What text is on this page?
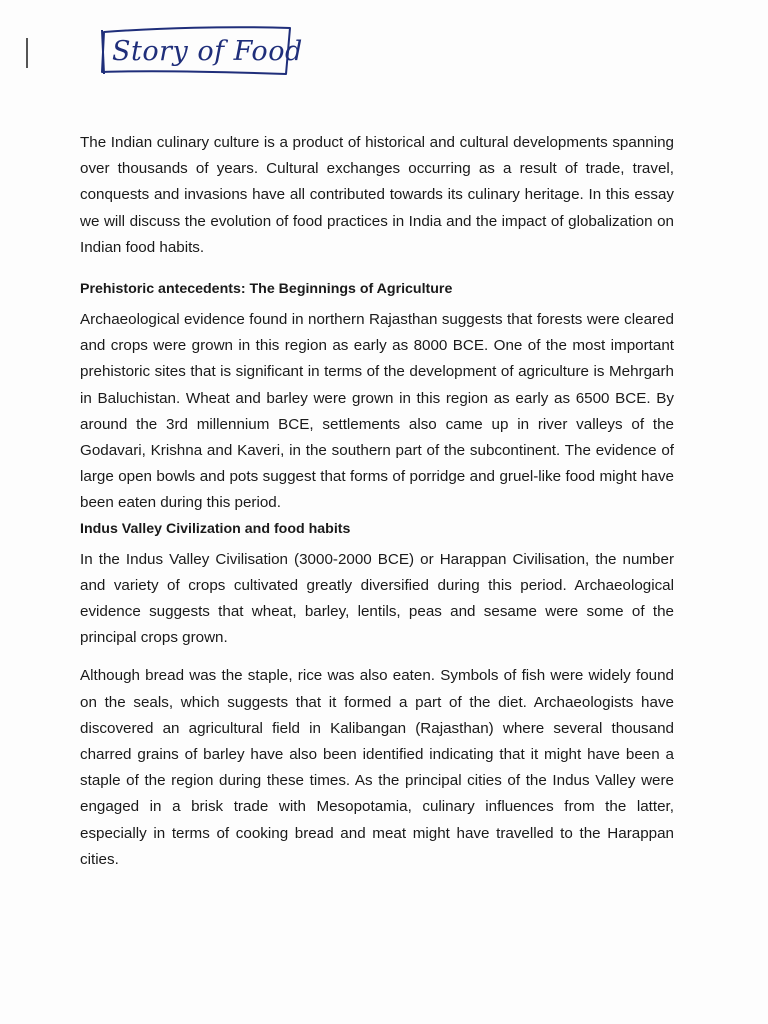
Story of Food

The Indian culinary culture is a product of historical and cultural developments spanning over thousands of years. Cultural exchanges occurring as a result of trade, travel, conquests and invasions have all contributed towards its culinary heritage. In this essay we will discuss the evolution of food practices in India and the impact of globalization on Indian food habits.

Prehistoric antecedents: The Beginnings of Agriculture

Archaeological evidence found in northern Rajasthan suggests that forests were cleared and crops were grown in this region as early as 8000 BCE. One of the most important prehistoric sites that is significant in terms of the development of agriculture is Mehrgarh in Baluchistan. Wheat and barley were grown in this region as early as 6500 BCE. By around the 3rd millennium BCE, settlements also came up in river valleys of the Godavari, Krishna and Kaveri, in the southern part of the subcontinent. The evidence of large open bowls and pots suggest that forms of porridge and gruel-like food might have been eaten during this period.

Indus Valley Civilization and food habits

In the Indus Valley Civilisation (3000-2000 BCE) or Harappan Civilisation, the number and variety of crops cultivated greatly diversified during this period. Archaeological evidence suggests that wheat, barley, lentils, peas and sesame were some of the principal crops grown.

Although bread was the staple, rice was also eaten. Symbols of fish were widely found on the seals, which suggests that it formed a part of the diet. Archaeologists have discovered an agricultural field in Kalibangan (Rajasthan) where several thousand charred grains of barley have also been identified indicating that it might have been a staple of the region during these times. As the principal cities of the Indus Valley were engaged in a brisk trade with Mesopotamia, culinary influences from the latter, especially in terms of cooking bread and meat might have travelled to the Harappan cities.
